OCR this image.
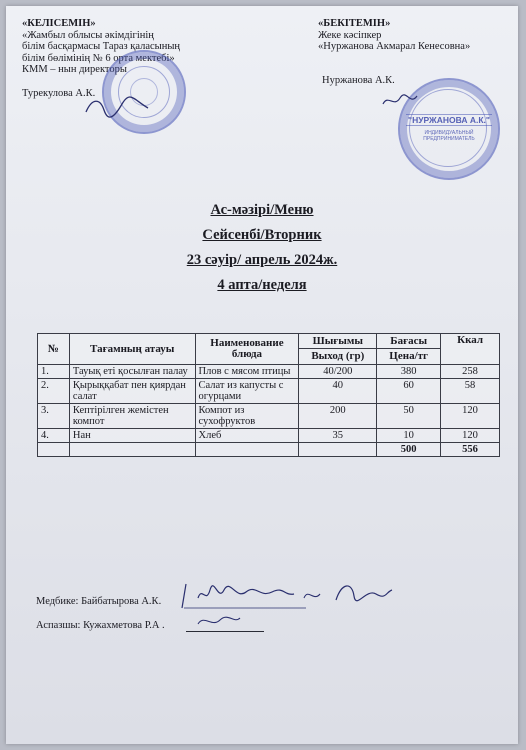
«КЕЛІСЕМІН»
«Жамбыл облысы әкімдігінің
білім басқармасы Тараз қаласының
білім бөлімінің № 6 орта мектебі»
КММ – нын директоры
Турекулова А.К.
«БЕКІТЕМІН»
Жеке кәсіпкер
«Нуржанова Акмарал Кенесовна»
Нуржанова А.К.
"НУРЖАНОВА А.К."
ИНДИВИДУАЛЬНЫЙ
ПРЕДПРИНИМАТЕЛЬ
Ас-мәзірі/Меню
Сейсенбі/Вторник
23 сәуір/ апрель 2024ж.
4 апта/неделя
№	Тағамның атауы	Наименование блюда	Шығымы	Бағасы	Ккал
			Выход (гр)	Цена/тг	
1.	Тауық еті қосылған палау	Плов с мясом птицы	40/200	380	258
2.	Қырыққабат пен қиярдан салат	Салат из капусты с огурцами	40	60	58
3.	Кептірілген жемістен компот	Компот из сухофруктов	200	50	120
4.	Нан	Хлеб	35	10	120
				500	556
Медбике: Байбатырова А.К.
Аспазшы: Кужахметова Р.А .
